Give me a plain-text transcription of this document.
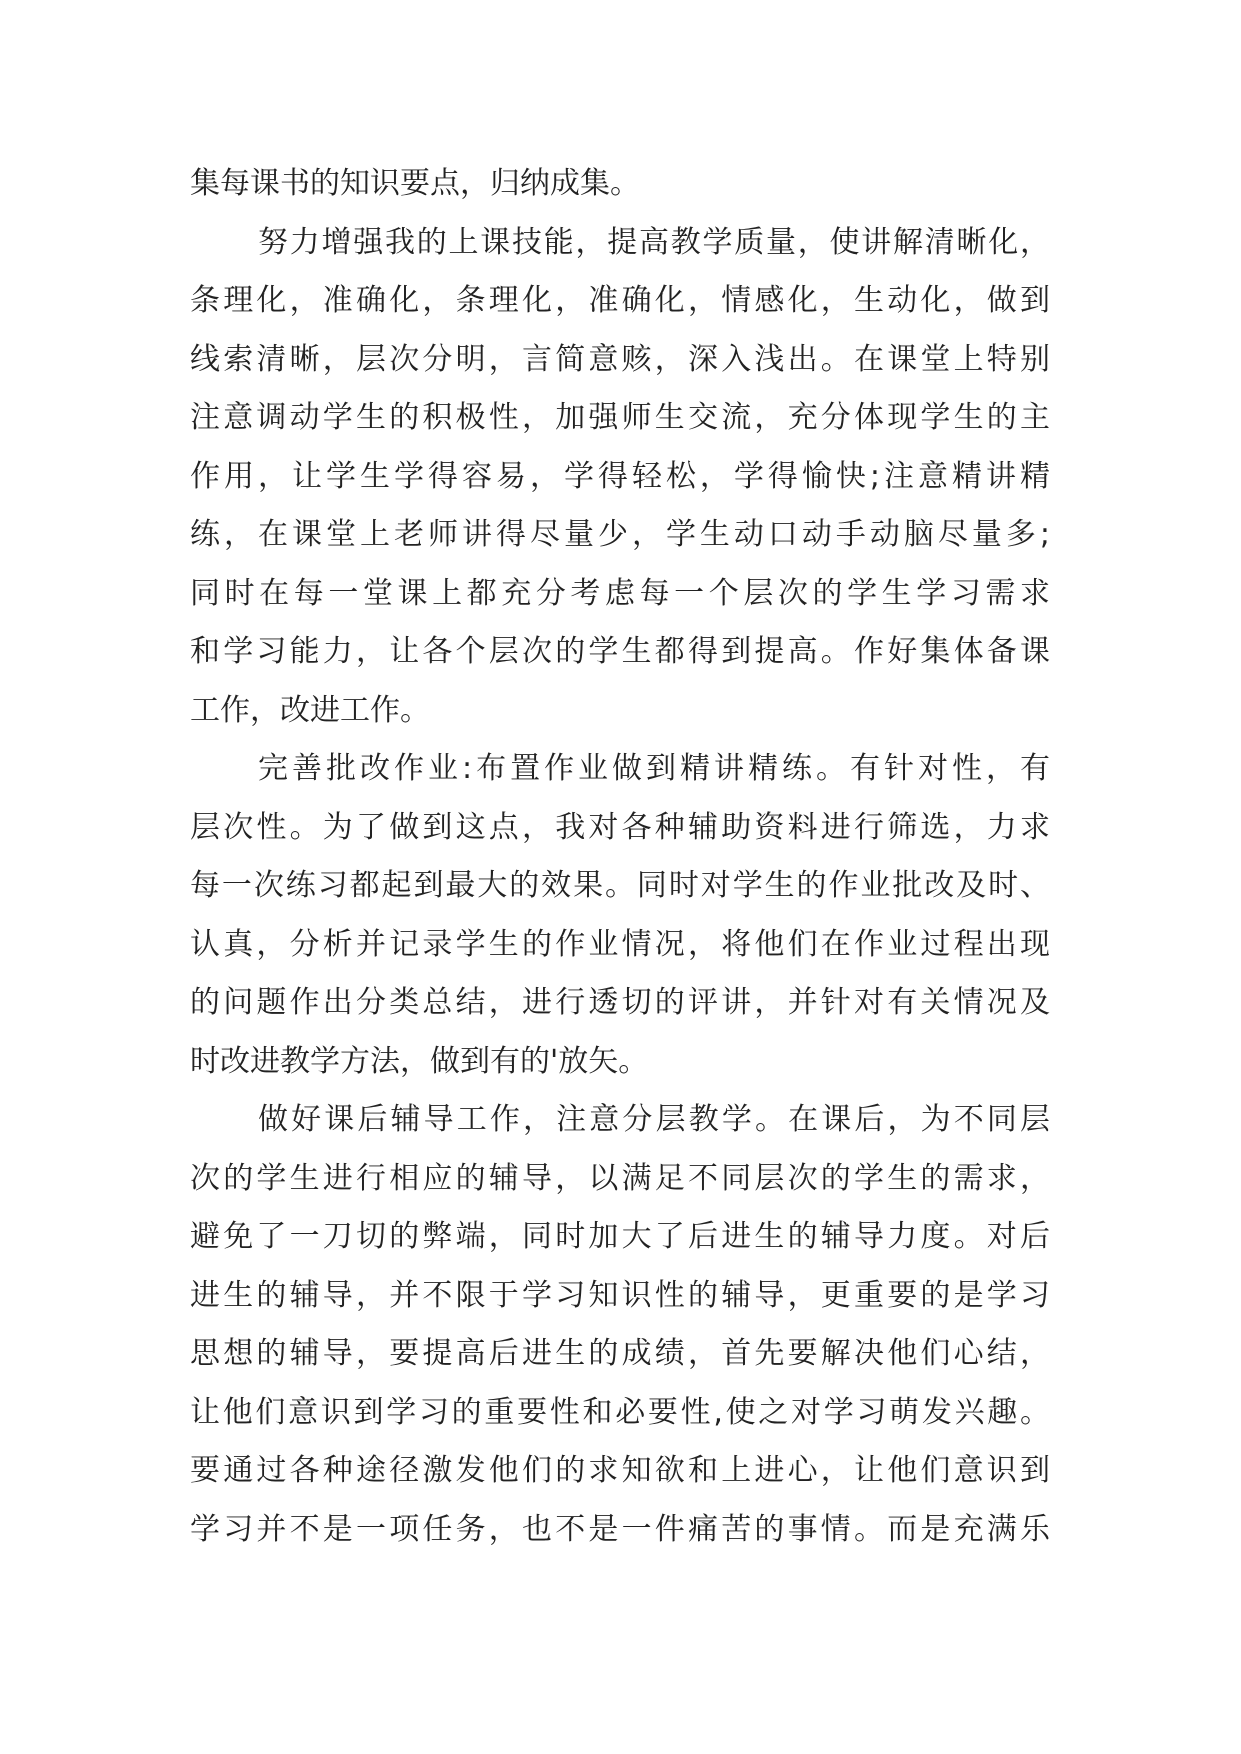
集每课书的知识要点，归纳成集。
努力增强我的上课技能，提高教学质量，使讲解清晰化，
条理化，准确化，条理化，准确化，情感化，生动化，做到
线索清晰，层次分明，言简意赅，深入浅出。在课堂上特别
注意调动学生的积极性，加强师生交流，充分体现学生的主
作用，让学生学得容易，学得轻松，学得愉快;注意精讲精
练，在课堂上老师讲得尽量少，学生动口动手动脑尽量多;
同时在每一堂课上都充分考虑每一个层次的学生学习需求
和学习能力，让各个层次的学生都得到提高。作好集体备课
工作，改进工作。
完善批改作业:布置作业做到精讲精练。有针对性，有
层次性。为了做到这点，我对各种辅助资料进行筛选，力求
每一次练习都起到最大的效果。同时对学生的作业批改及时、
认真，分析并记录学生的作业情况，将他们在作业过程出现
的问题作出分类总结，进行透切的评讲，并针对有关情况及
时改进教学方法，做到有的'放矢。
做好课后辅导工作，注意分层教学。在课后，为不同层
次的学生进行相应的辅导，以满足不同层次的学生的需求，
避免了一刀切的弊端，同时加大了后进生的辅导力度。对后
进生的辅导，并不限于学习知识性的辅导，更重要的是学习
思想的辅导，要提高后进生的成绩，首先要解决他们心结，
让他们意识到学习的重要性和必要性,使之对学习萌发兴趣。
要通过各种途径激发他们的求知欲和上进心，让他们意识到
学习并不是一项任务，也不是一件痛苦的事情。而是充满乐
